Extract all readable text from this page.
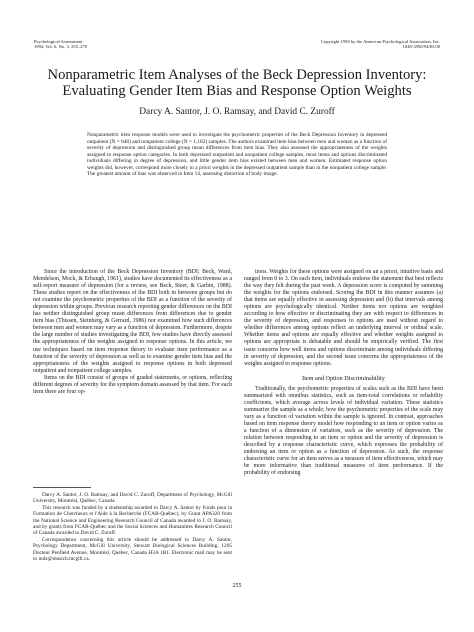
Psychological Assessment
1994, Vol. 6, No. 3, 255–270
Copyright 1994 by the American Psychological Association, Inc.
1040-3590/94/$3.00
Nonparametric Item Analyses of the Beck Depression Inventory:
Evaluating Gender Item Bias and Response Option Weights
Darcy A. Santor, J. O. Ramsay, and David C. Zuroff
Nonparametric item response models were used to investigate the psychometric properties of the Beck Depression Inventory in depressed outpatient (N = 648) and nonpatient college (N = 1,182) samples. The authors examined item bias between men and women as a function of severity of depression and distinguished group mean differences from item bias. They also assessed the appropriateness of the weights assigned to response option categories. In both depressed outpatient and nonpatient college samples, most items and options discriminated individuals differing in degree of depression, and little gender item bias existed between men and women. Estimated response option weights did, however, correspond more closely to a priori weights in the depressed outpatient sample than in the nonpatient college sample. The greatest amount of bias was observed in Item 14, assessing distortion of body image.

Since the introduction of the Beck Depression Inventory (BDI; Beck, Ward, Mendelson, Mock, & Erbaugh, 1961), studies have documented its effectiveness as a self-report measure of depression (for a review, see Beck, Steer, & Garbin, 1988). These studies report on the effectiveness of the BDI both in between groups but do not examine the psychometric properties of the BDI as a function of the severity of depression within groups. Previous research reporting gender differences on the BDI has neither distinguished group mean differences from differences due to gender item bias (Thissen, Steinberg, & Gerrard, 1986) nor examined how such differences between men and women may vary as a function of depression. Furthermore, despite the large number of studies investigating the BDI, few studies have directly assessed the appropriateness of the weights assigned to response options. In this article, we use techniques based on item response theory to evaluate item performance as a function of the severity of depression as well as to examine gender item bias and the appropriateness of the weights assigned to response options in both depressed outpatient and nonpatient college samples.

Items on the BDI consist of groups of graded statements, or options, reflecting different degrees of severity for the symptom domain assessed by that item. For each item there are four op-

Darcy A. Santor, J. O. Ramsay, and David C. Zuroff, Department of Psychology, McGill University, Montréal, Québec, Canada.

This research was funded by a studentship awarded to Darcy A. Santor by Fonds pour la Formation de Chercheurs et l'Aide à la Recherche (FCAR-Québec), by Grant APA320 from the National Science and Engineering Research Council of Canada awarded to J. O. Ramsay, and by grants from FCAR-Québec and the Social Sciences and Humanities Research Council of Canada awarded to David C. Zuroff.

Correspondence concerning this article should be addressed to Darcy A. Santor, Psychology Department, McGill University, Stewart Biological Sciences Building, 1205 Docteur Penfield Avenue, Montréal, Québec, Canada H3A 1B1. Electronic mail may be sent to indz@musicb.mcgill.ca.

tions. Weights for these options were assigned on an a priori, intuitive basis and ranged from 0 to 3. On each item, individuals endorse the statement that best reflects the way they felt during the past week. A depression score is computed by summing the weights for the options endorsed. Scoring the BDI in this manner assumes (a) that items are equally effective in assessing depression and (b) that intervals among options are psychologically identical. Neither items nor options are weighted according to how effective or discriminating they are with respect to differences in the severity of depression, and responses to options are used without regard to whether differences among options reflect an underlying interval or ordinal scale. Whether items and options are equally effective and whether weights assigned to options are appropriate is debatable and should be empirically verified. The first issue concerns how well items and options discriminate among individuals differing in severity of depression, and the second issue concerns the appropriateness of the weights assigned to response options.

Item and Option Discriminability

Traditionally, the psychometric properties of scales such as the BDI have been summarized with omnibus statistics, such as item-total correlations or reliability coefficients, which average across levels of individual variation. These statistics summarize the sample as a whole; how the psychometric properties of the scale may vary as a function of variation within the sample is ignored. In contrast, approaches based on item response theory model how responding to an item or option varies as a function of a dimension of variation, such as the severity of depression. The relation between responding to an item or option and the severity of depression is described by a response characteristic curve, which expresses the probability of endorsing an item or option as a function of depression. As such, the response characteristic curve for an item serves as a measure of item effectiveness, which may be more informative than traditional measures of item performance. If the probability of endorsing

255
